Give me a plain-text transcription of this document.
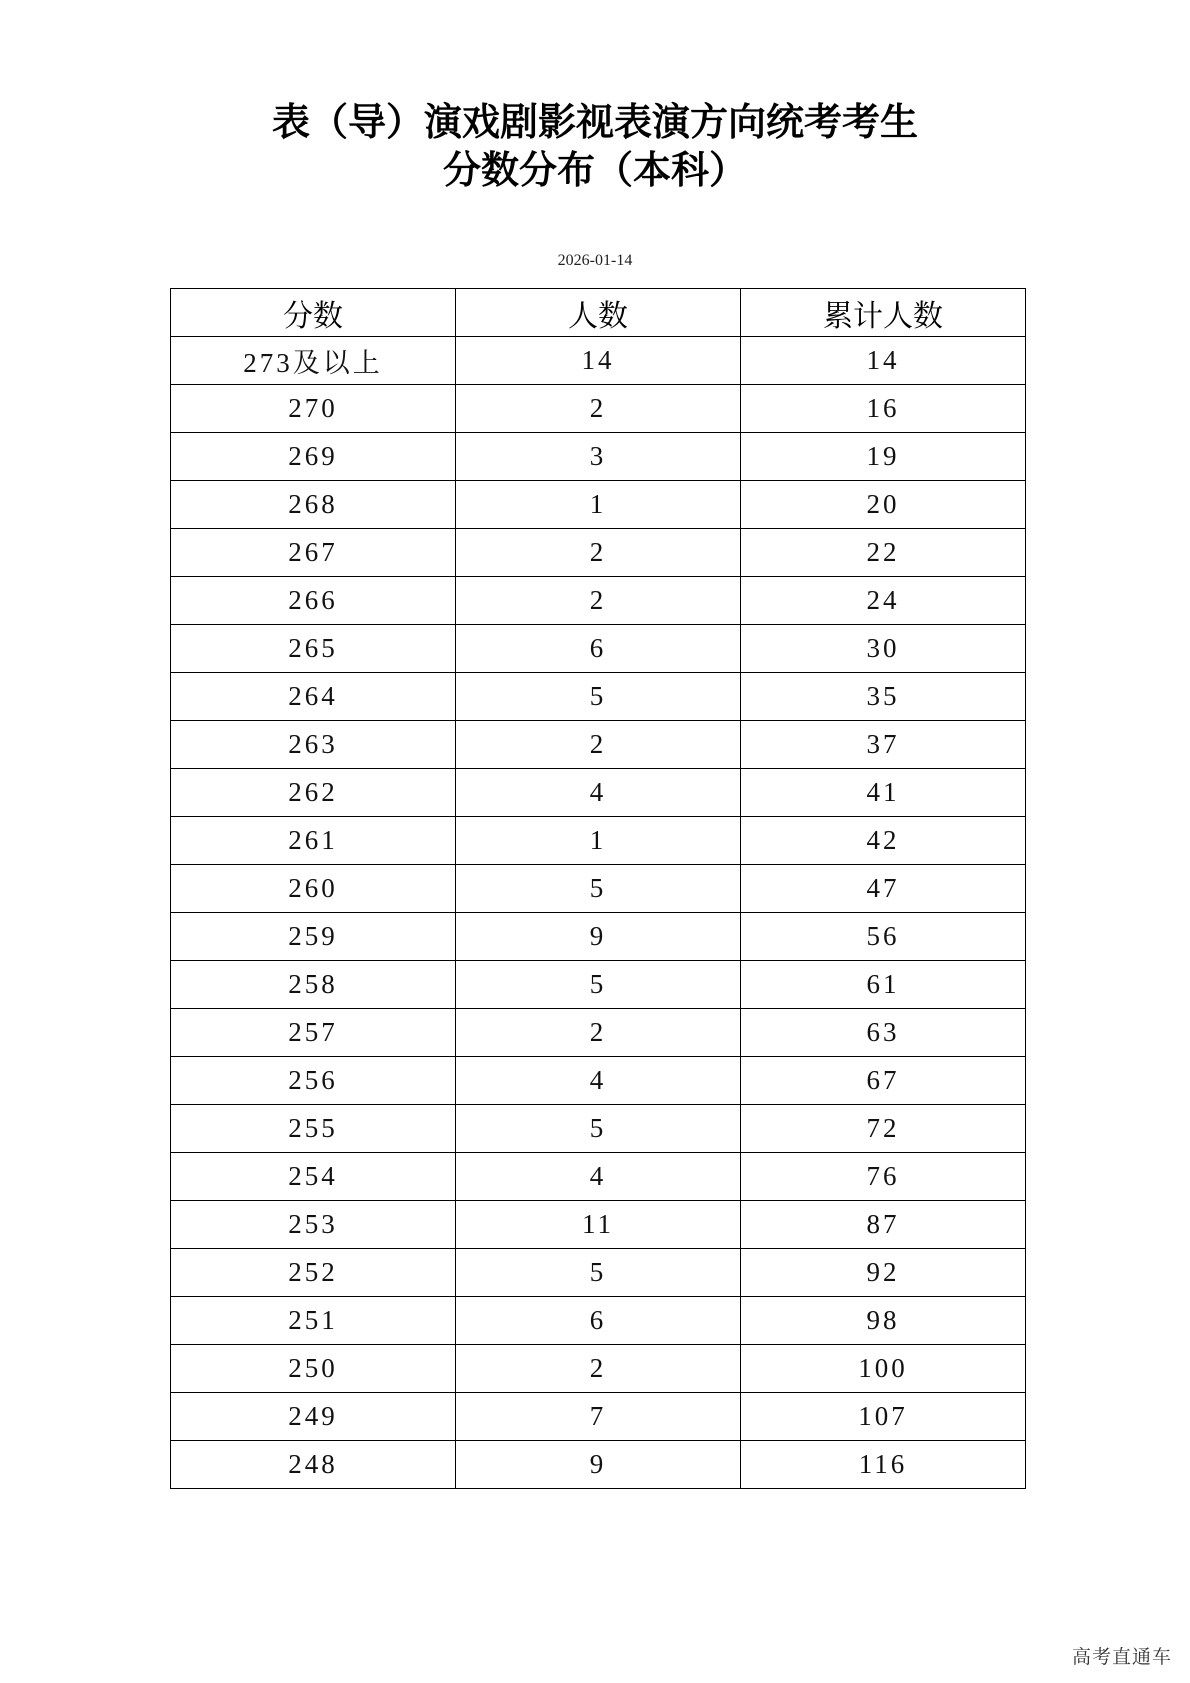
表（导）演戏剧影视表演方向统考考生
分数分布（本科）
2026-01-14
分数	人数	累计人数
273及以上	14	14
270	2	16
269	3	19
268	1	20
267	2	22
266	2	24
265	6	30
264	5	35
263	2	37
262	4	41
261	1	42
260	5	47
259	9	56
258	5	61
257	2	63
256	4	67
255	5	72
254	4	76
253	11	87
252	5	92
251	6	98
250	2	100
249	7	107
248	9	116
高考直通车
